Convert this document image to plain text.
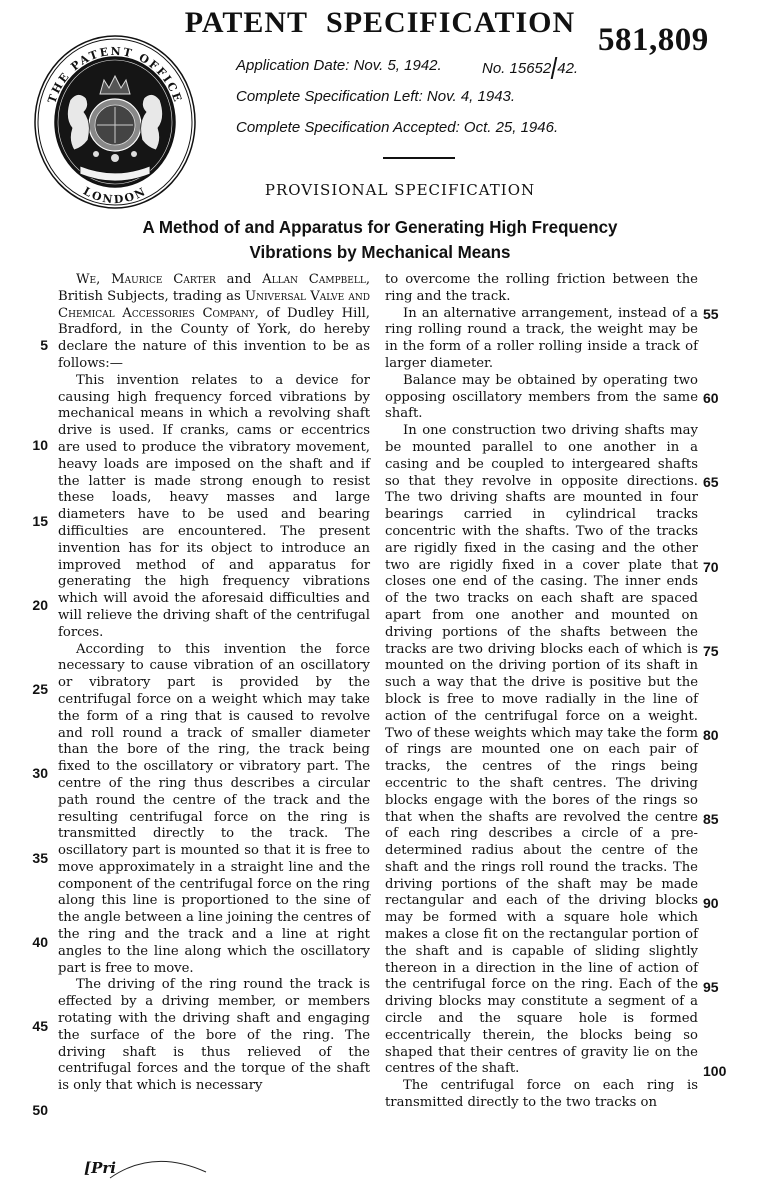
PATENT SPECIFICATION 581,809
Application Date: Nov. 5, 1942.	No. 15652 42.
Complete Specification Left: Nov. 4, 1943.
Complete Specification Accepted: Oct. 25, 1946.
THE PATENT OFFICE
LONDON	PROVISIONAL SPECIFICATION
A Method of and Apparatus for Generating High Frequency
Vibrations by Mechanical Means

We, Maurice Carter and Allan Campbell, British Subjects, trading as Universal Valve and Chemical Accessories Company, of Dudley Hill, Bradford, in the County of York, do hereby declare the nature of this invention to be as follows:—

This invention relates to a device for causing high frequency forced vibrations by mechanical means in which a revolving shaft drive is used. If cranks, cams or eccentrics are used to produce the vibratory movement, heavy loads are imposed on the shaft and if the latter is made strong enough to resist these loads, heavy masses and large diameters have to be used and bearing difficulties are encountered. The present invention has for its object to introduce an improved method of and apparatus for generating the high frequency vibrations which will avoid the aforesaid difficulties and will relieve the driving shaft of the centrifugal forces.

According to this invention the force necessary to cause vibration of an oscillatory or vibratory part is provided by the centrifugal force on a weight which may take the form of a ring that is caused to revolve and roll round a track of smaller diameter than the bore of the ring, the track being fixed to the oscillatory or vibratory part. The centre of the ring thus describes a circular path round the centre of the track and the resulting centrifugal force on the ring is transmitted directly to the track. The oscillatory part is mounted so that it is free to move approximately in a straight line and the component of the centrifugal force on the ring along this line is proportioned to the sine of the angle between a line joining the centres of the ring and the track and a line at right angles to the line along which the oscillatory part is free to move.

The driving of the ring round the track is effected by a driving member, or members rotating with the driving shaft and engaging the surface of the bore of the ring. The driving shaft is thus relieved of the centrifugal forces and the torque of the shaft is only that which is necessary

5
10
15
20
25
30
35
40
45
50

to overcome the rolling friction between the ring and the track.

In an alternative arrangement, instead of a ring rolling round a track, the weight may be in the form of a roller rolling inside a track of larger diameter.

Balance may be obtained by operating two opposing oscillatory members from the same shaft.

In one construction two driving shafts may be mounted parallel to one another in a casing and be coupled to intergeared shafts so that they revolve in opposite directions. The two driving shafts are mounted in four bearings carried in cylindrical tracks concentric with the shafts. Two of the tracks are rigidly fixed in the casing and the other two are rigidly fixed in a cover plate that closes one end of the casing. The inner ends of the two tracks on each shaft are spaced apart from one another and mounted on driving portions of the shafts between the tracks are two driving blocks each of which is mounted on the driving portion of its shaft in such a way that the drive is positive but the block is free to move radially in the line of action of the centrifugal force on a weight. Two of these weights which may take the form of rings are mounted one on each pair of tracks, the centres of the rings being eccentric to the shaft centres. The driving blocks engage with the bores of the rings so that when the shafts are revolved the centre of each ring describes a circle of a pre-determined radius about the centre of the shaft and the rings roll round the tracks. The driving portions of the shaft may be made rectangular and each of the driving blocks may be formed with a square hole which makes a close fit on the rectangular portion of the shaft and is capable of sliding slightly thereon in a direction in the line of action of the centrifugal force on the ring. Each of the driving blocks may constitute a segment of a circle and the square hole is formed eccentrically therein, the blocks being so shaped that their centres of gravity lie on the centres of the shaft.

The centrifugal force on each ring is transmitted directly to the two tracks on

55
60
65
70
75
80
85
90
95
100
[Pri
